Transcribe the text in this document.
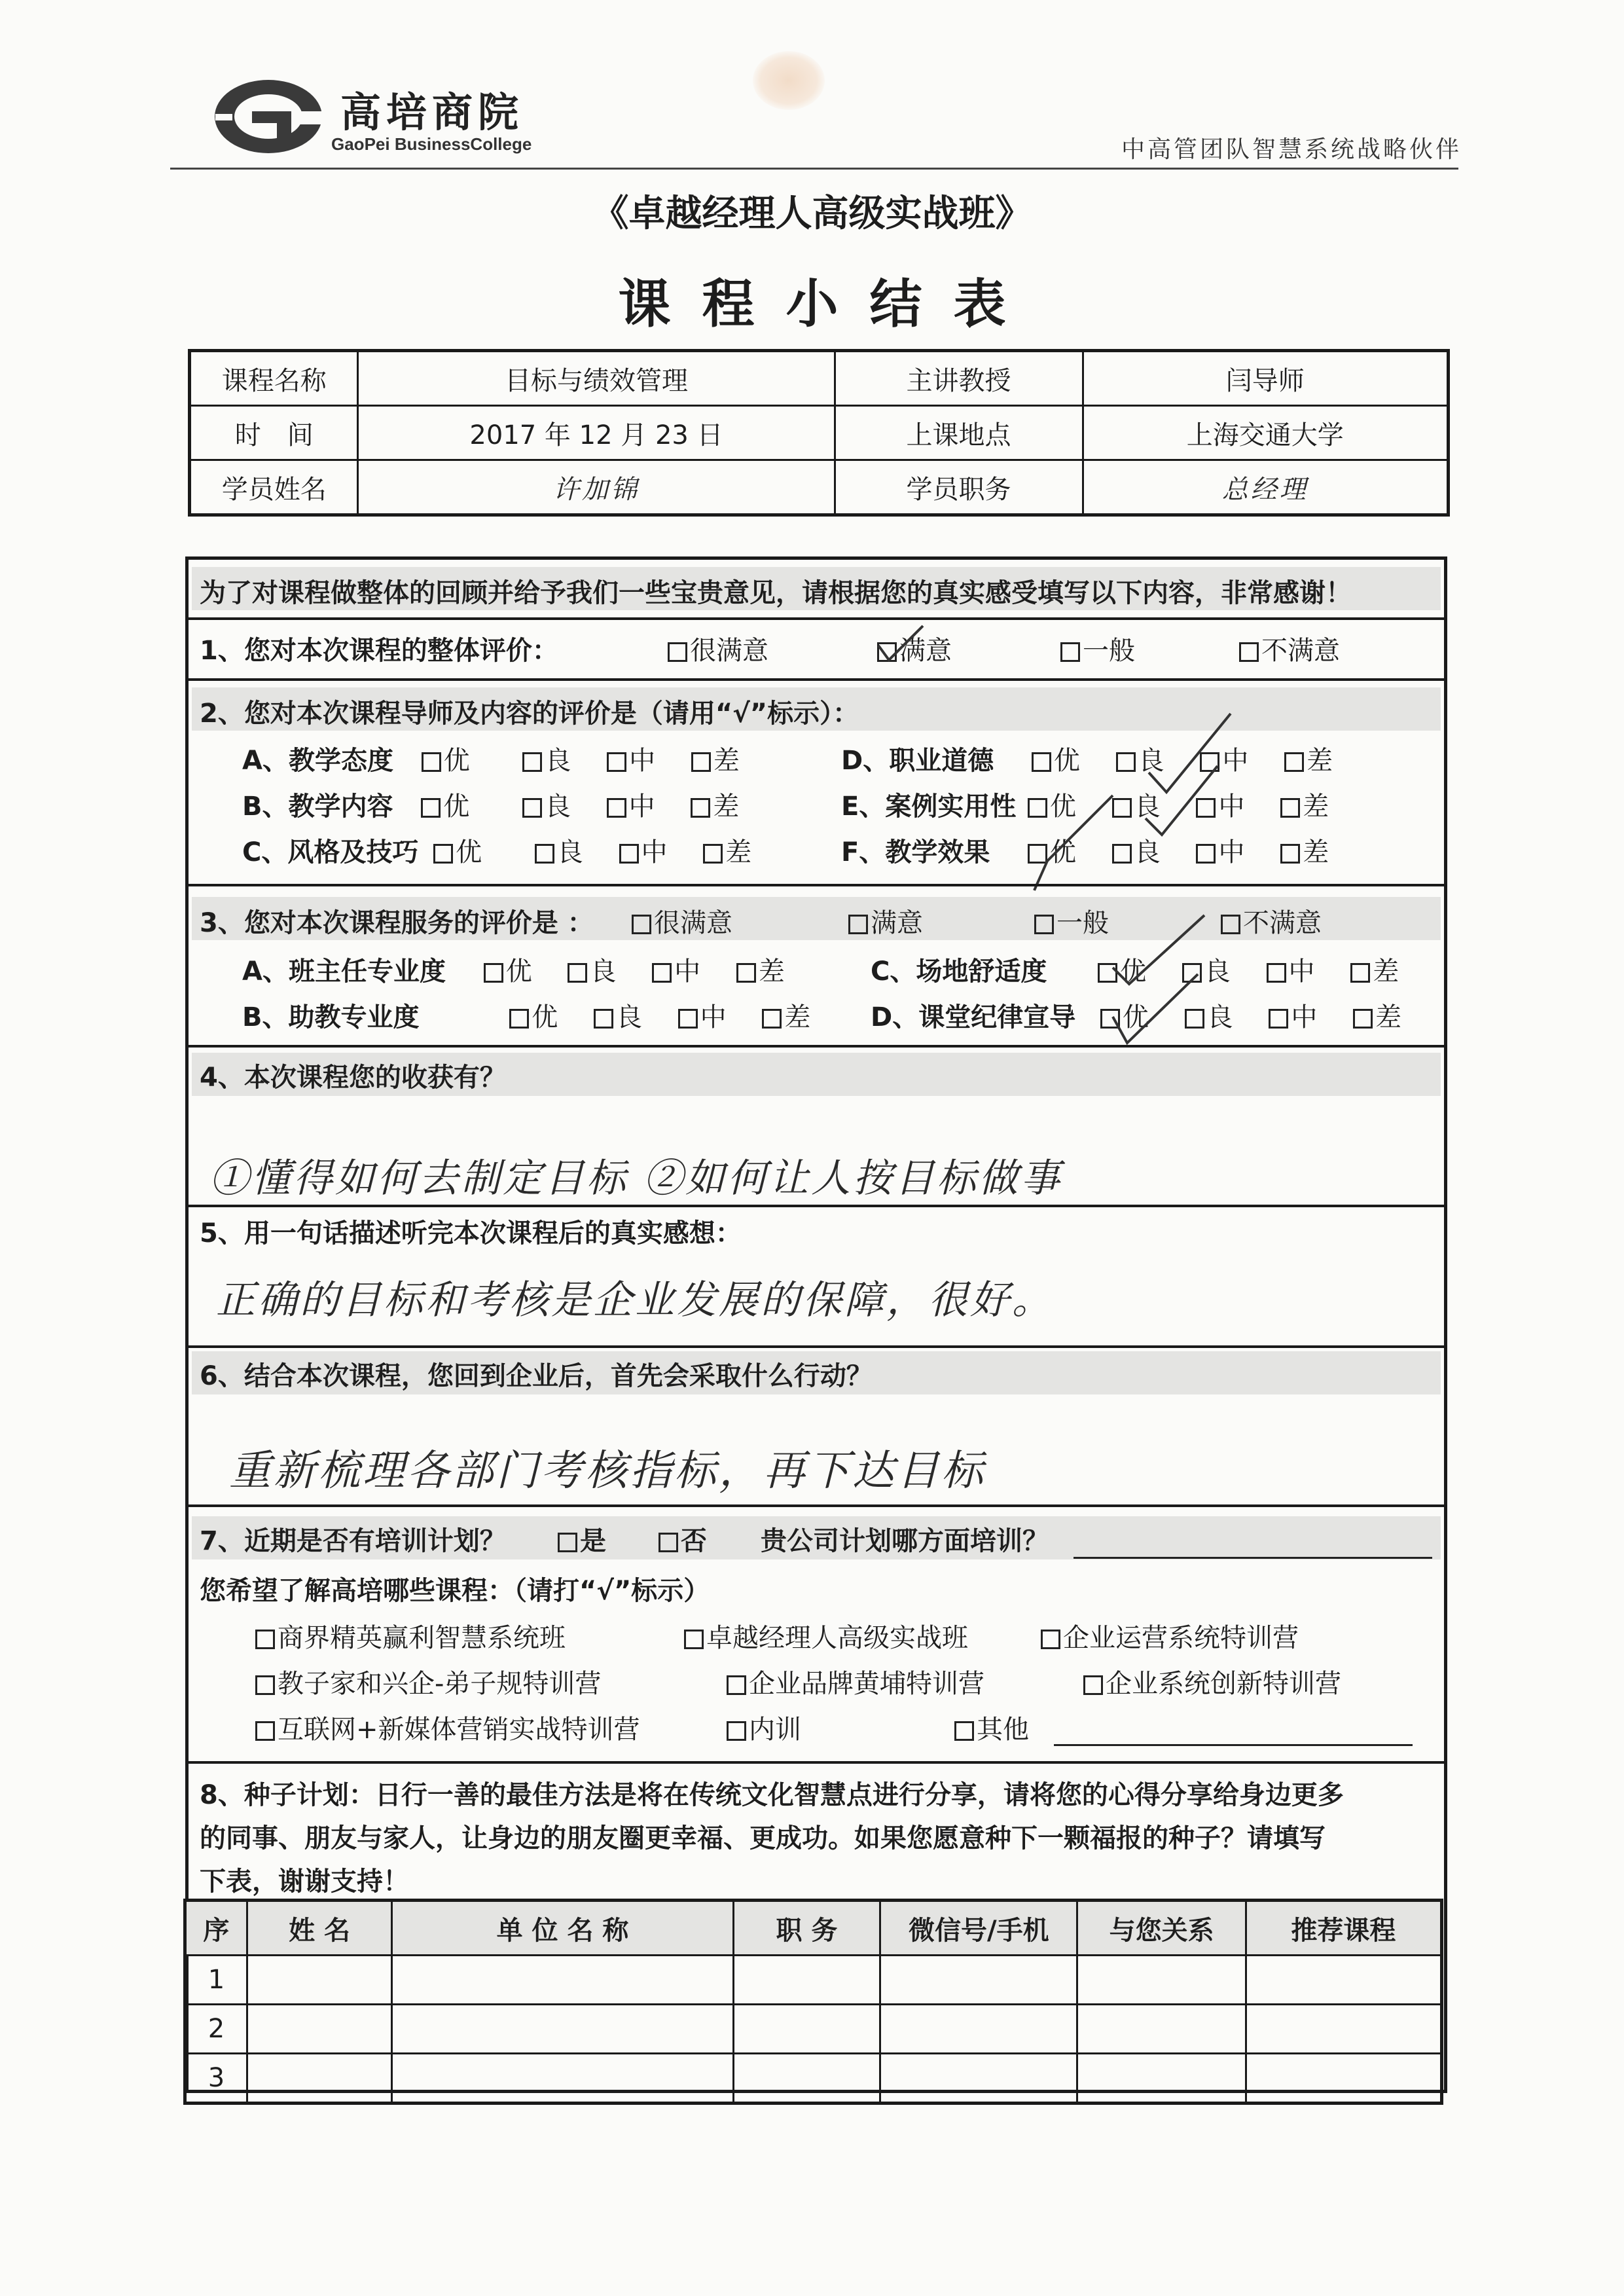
高培商院
GaoPei BusinessCollege	中高管团队智慧系统战略伙伴
《卓越经理人高级实战班》
课程小结表
课程名称	目标与绩效管理	主讲教授	闫导师
时　间	2017 年 12 月 23 日	上课地点	上海交通大学
学员姓名	许加锦	学员职务	总经理
为了对课程做整体的回顾并给予我们一些宝贵意见，请根据您的真实感受填写以下内容，非常感谢！
1、您对本次课程的整体评价：	很满意	满意	一般	不满意
2、您对本次课程导师及内容的评价是（请用“√”标示）：
A、教学态度 优	良 中 差
B、教学内容 优	良 中 差
C、风格及技巧 优	良 中 差
D、职业道德 优 良 中 差
E、案例实用性 优 良 中 差
F、教学效果 优 良 中 差
3、您对本次课程服务的评价是 ：	很满意	满意	一般	不满意
A、班主任专业度 优 良 中 差
B、助教专业度	优 良 中 差
C、场地舒适度	优 良 中 差
D、课堂纪律宣导 优 良 中 差
4、本次课程您的收获有？
①懂得如何去制定目标 ②如何让人按目标做事
5、用一句话描述听完本次课程后的真实感想：
正确的目标和考核是企业发展的保障，很好。
6、结合本次课程，您回到企业后，首先会采取什么行动？
重新梳理各部门考核指标，再下达目标
7、近期是否有培训计划？	是	否 贵公司计划哪方面培训？
您希望了解高培哪些课程：（请打“√”标示）
商界精英赢利智慧系统班	卓越经理人高级实战班	企业运营系统特训营
教子家和兴企-弟子规特训营	企业品牌黄埔特训营	企业系统创新特训营
互联网+新媒体营销实战特训营	内训	其他
8、种子计划：日行一善的最佳方法是将在传统文化智慧点进行分享，请将您的心得分享给身边更多
的同事、朋友与家人，让身边的朋友圈更幸福、更成功。如果您愿意种下一颗福报的种子？请填写
下表，谢谢支持！
序	姓 名	单 位 名 称	职 务	微信号/手机	与您关系	推荐课程
1						
2						
3						
